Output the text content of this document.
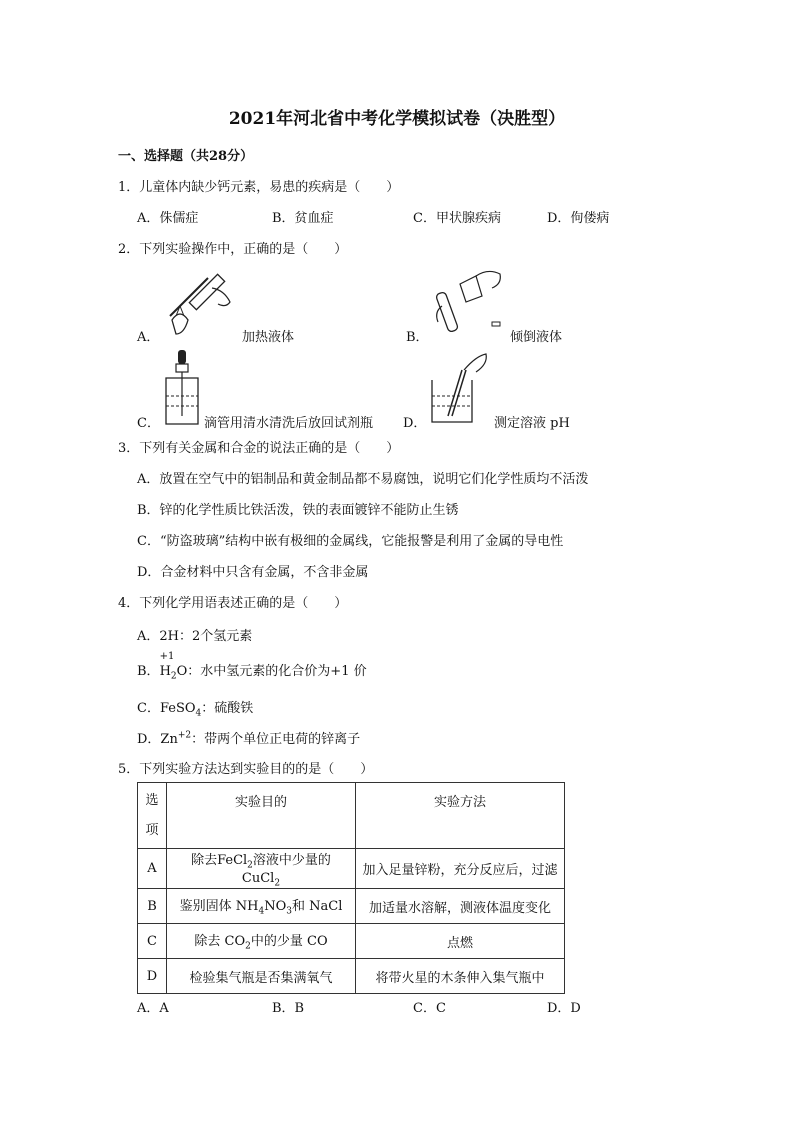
2021年河北省中考化学模拟试卷（决胜型）
一、选择题（共28分）
1．儿童体内缺少钙元素，易患的疾病是（　　）
A．侏儒症	B．贫血症	C．甲状腺疾病	D．佝偻病
2．下列实验操作中，正确的是（　　）
A．	加热液体	B．	倾倒液体
C．	滴管用清水清洗后放回试剂瓶 D．	测定溶液 pH
3．下列有关金属和合金的说法正确的是（　　）
A．放置在空气中的铝制品和黄金制品都不易腐蚀，说明它们化学性质均不活泼
B．锌的化学性质比铁活泼，铁的表面镀锌不能防止生锈
C．“防盗玻璃”结构中嵌有极细的金属线，它能报警是利用了金属的导电性
D．合金材料中只含有金属，不含非金属
4．下列化学用语表述正确的是（　　）
A．2H：2个氢元素
B．
+1
$H_2O$：水中氢元素的化合价为+1 价
C．FeSO$_4$：硫酸铁
D．$Zn^{+2}$：带两个单位正电荷的锌离子
5．下列实验方法达到实验目的的是（　　）
选
项	实验目的	实验方法
A	除去FeCl$_2$溶液中少量的CuCl$_2$	加入足量锌粉，充分反应后，过滤
B	鉴别固体 $NH_4NO_3$和 NaCl	加适量水溶解，测液体温度变化
C	除去 $CO_2$中的少量 CO	点燃
D	检验集气瓶是否集满氧气	将带火星的木条伸入集气瓶中
A．A	B．B	C．C	D．D
